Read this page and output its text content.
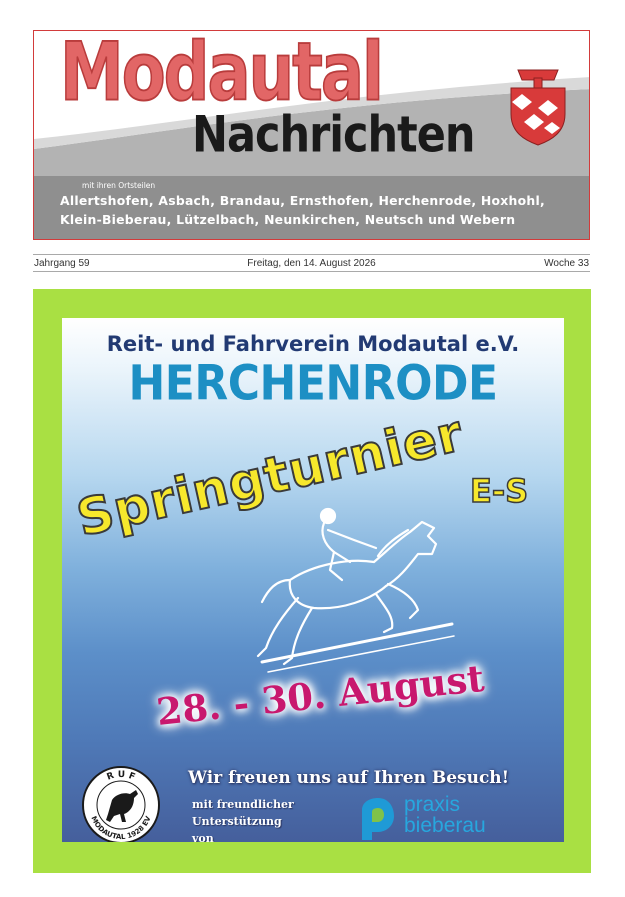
Modautal
Nachrichten
mit ihren Ortsteilen
Allertshofen, Asbach, Brandau, Ernsthofen, Herchenrode, Hoxhohl,
Klein-Bieberau, Lützelbach, Neunkirchen, Neutsch und Webern
Freitag, den 14. August 2026
Jahrgang 59	Woche 33
Reit- und Fahrverein Modautal e.V.
HERCHENRODE
Springturnier
E-S
28. - 30. August
Wir freuen uns auf Ihren Besuch!
mit freundlicher
Unterstützung
von
R U F
MODAUTAL 1928 EV
praxis
bieberau
